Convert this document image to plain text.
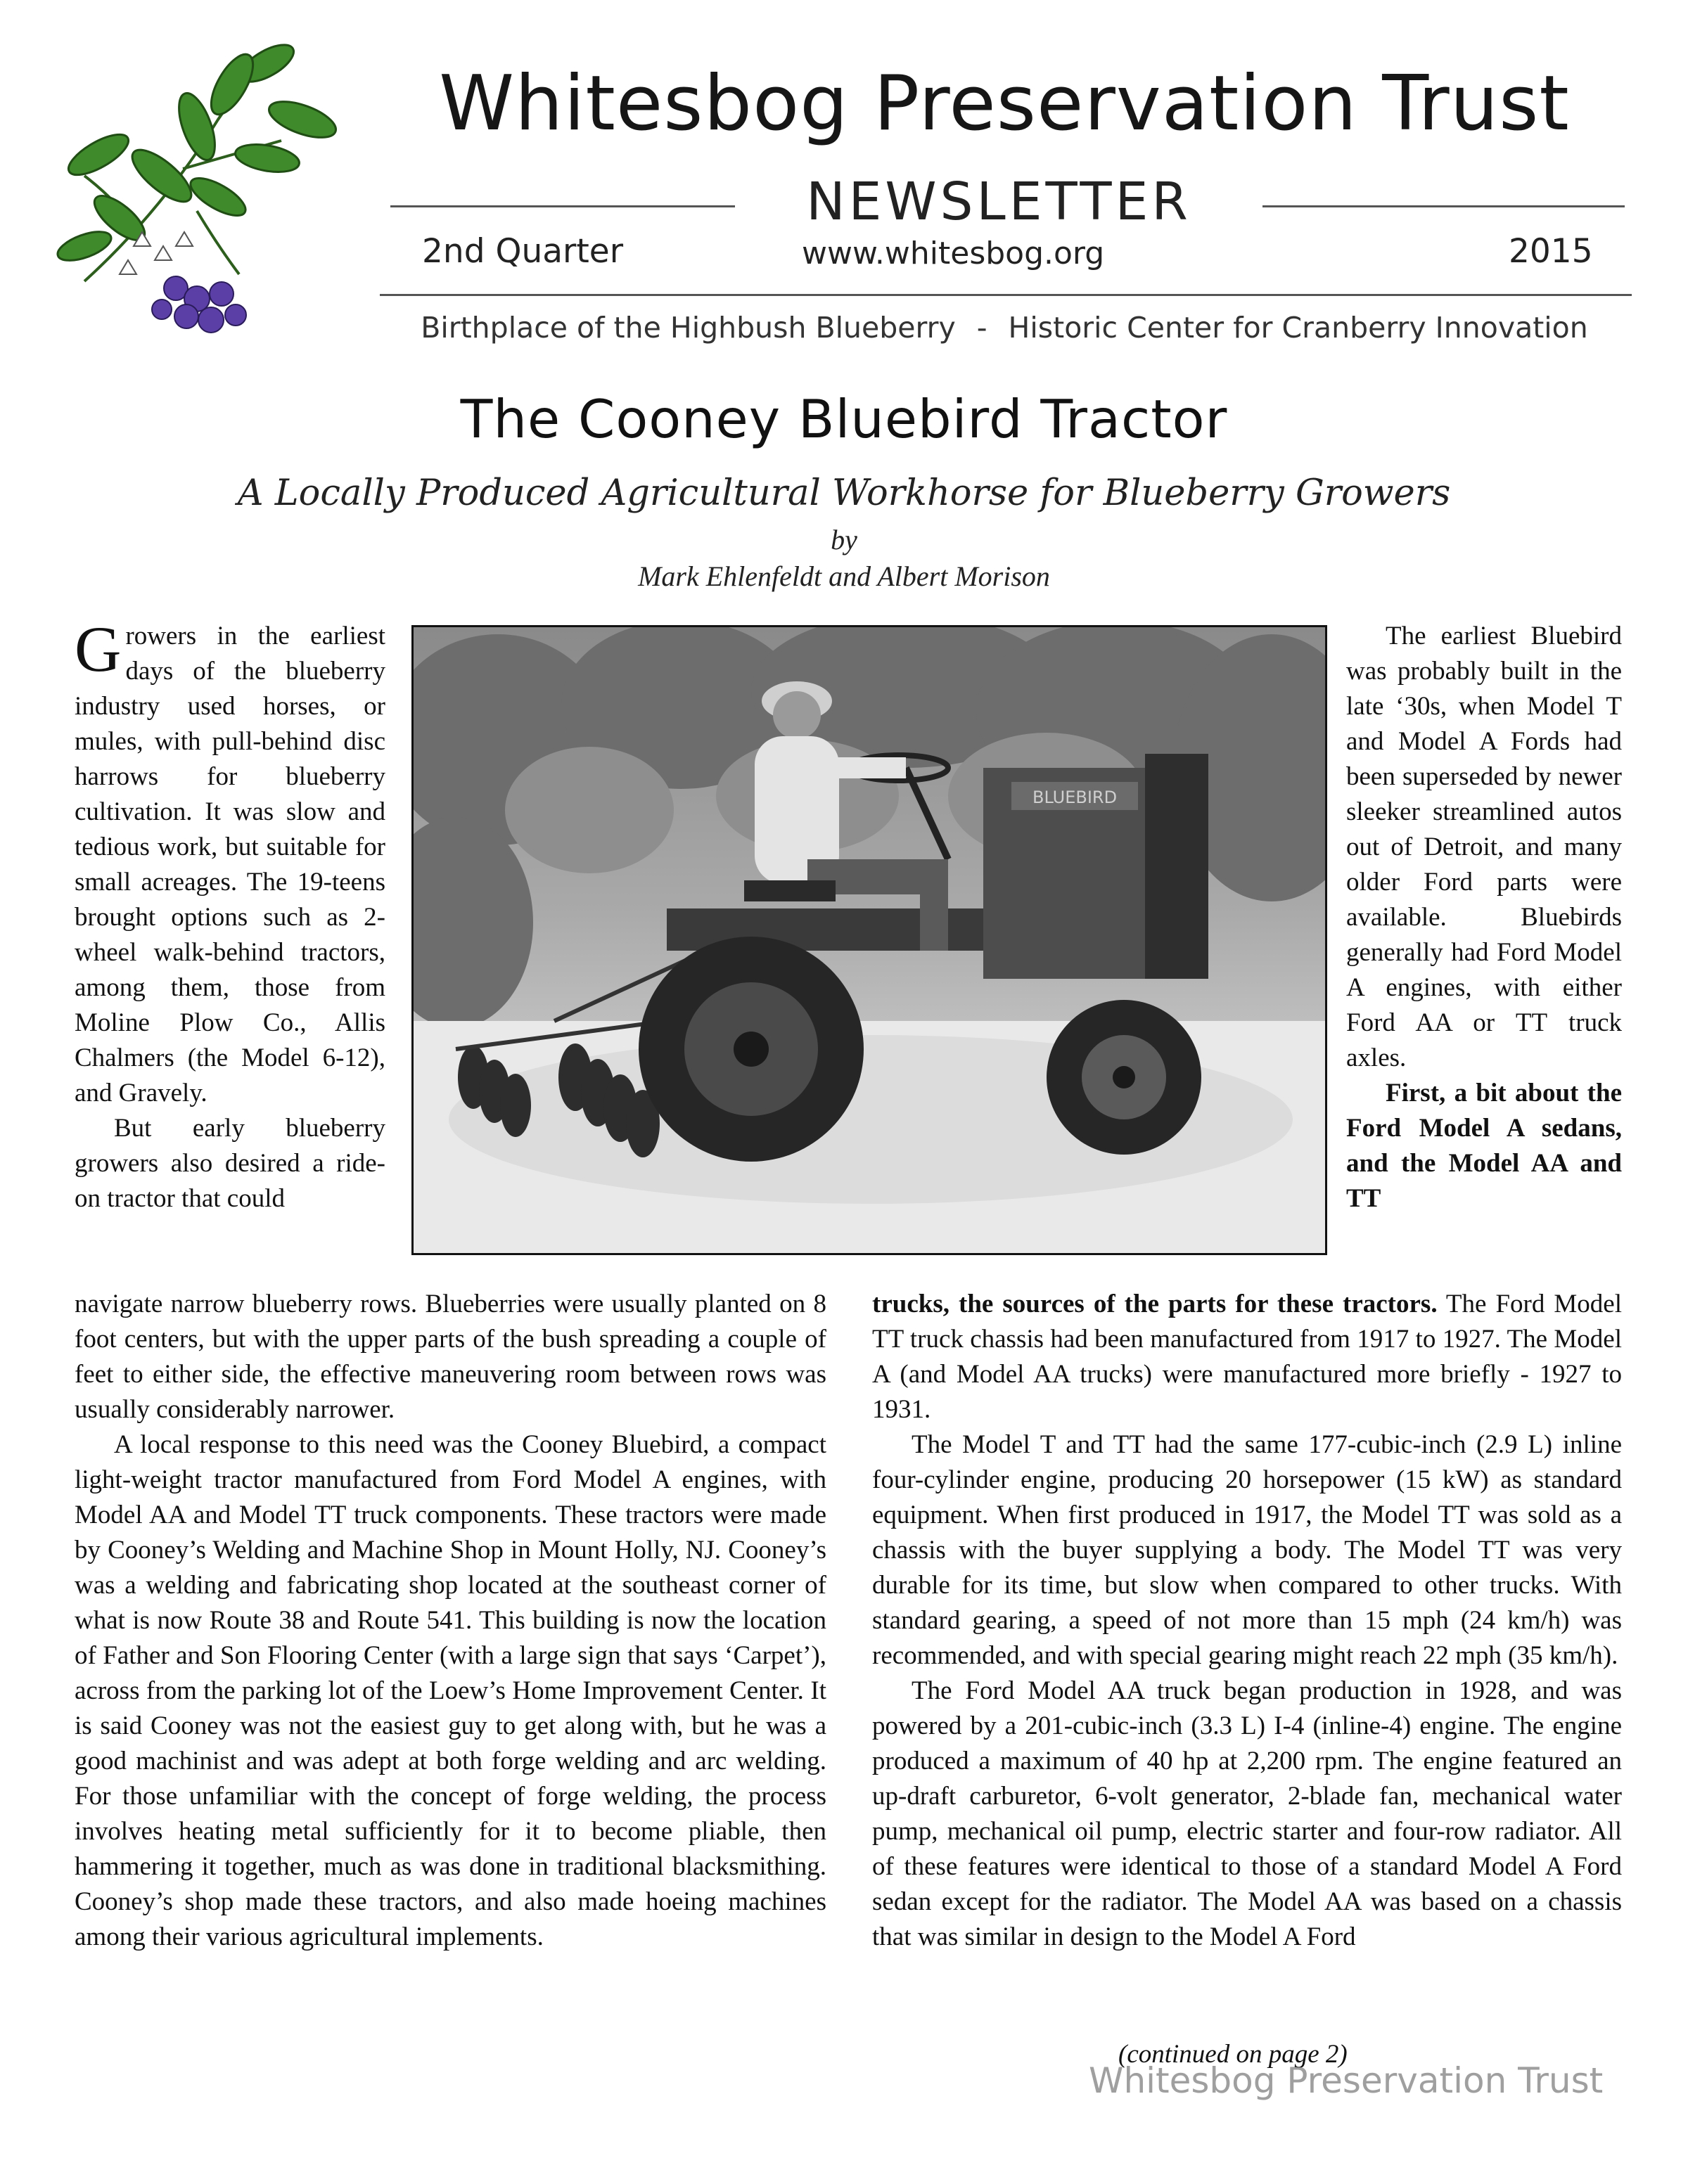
Whitesbog Preservation Trust
NEWSLETTER
2nd Quarter	www.whitesbog.org	2015
Birthplace of the Highbush Blueberry - Historic Center for Cranberry Innovation
The Cooney Bluebird Tractor
A Locally Produced Agricultural Workhorse for Blueberry Growers
by
Mark Ehlenfeldt and Albert Morison

Growers in the earliest days of the blueberry industry used horses, or mules, with pull-behind disc harrows for blueberry cultivation. It was slow and tedious work, but suitable for small acreages. The 19-teens brought options such as 2-wheel walk-behind tractors, among them, those from Moline Plow Co., Allis Chalmers (the Model 6-12), and Gravely.

But early blueberry growers also desired a ride-on tractor that could

BLUEBIRD

The earliest Bluebird was probably built in the late ‘30s, when Model T and Model A Fords had been superseded by newer sleeker streamlined autos out of Detroit, and many older Ford parts were available. Bluebirds generally had Ford Model A engines, with either Ford AA or TT truck axles.

First, a bit about the Ford Model A sedans, and the Model AA and TT

navigate narrow blueberry rows. Blueberries were usually planted on 8 foot centers, but with the upper parts of the bush spreading a couple of feet to either side, the effective maneuvering room between rows was usually considerably narrower.

A local response to this need was the Cooney Bluebird, a compact light-weight tractor manufactured from Ford Model A engines, with Model AA and Model TT truck components. These tractors were made by Cooney’s Welding and Machine Shop in Mount Holly, NJ. Cooney’s was a welding and fabricating shop located at the southeast corner of what is now Route 38 and Route 541. This building is now the location of Father and Son Flooring Center (with a large sign that says ‘Carpet’), across from the parking lot of the Loew’s Home Improvement Center. It is said Cooney was not the easiest guy to get along with, but he was a good machinist and was adept at both forge welding and arc welding. For those unfamiliar with the concept of forge welding, the process involves heating metal sufficiently for it to become pliable, then hammering it together, much as was done in traditional blacksmithing. Cooney’s shop made these tractors, and also made hoeing machines among their various agricultural implements.

trucks, the sources of the parts for these tractors. The Ford Model TT truck chassis had been manufactured from 1917 to 1927. The Model A (and Model AA trucks) were manufactured more briefly - 1927 to 1931.

The Model T and TT had the same 177-cubic-inch (2.9 L) inline four-cylinder engine, producing 20 horsepower (15 kW) as standard equipment. When first produced in 1917, the Model TT was sold as a chassis with the buyer supplying a body. The Model TT was very durable for its time, but slow when compared to other trucks. With standard gearing, a speed of not more than 15 mph (24 km/h) was recommended, and with special gearing might reach 22 mph (35 km/h).

The Ford Model AA truck began production in 1928, and was powered by a 201-cubic-inch (3.3 L) I-4 (inline-4) engine. The engine produced a maximum of 40 hp at 2,200 rpm. The engine featured an up-draft carburetor, 6-volt generator, 2-blade fan, mechanical water pump, mechanical oil pump, electric starter and four-row radiator. All of these features were identical to those of a standard Model A Ford sedan except for the radiator. The Model AA was based on a chassis that was similar in design to the Model A Ford

(continued on page 2)
Whitesbog Preservation Trust
